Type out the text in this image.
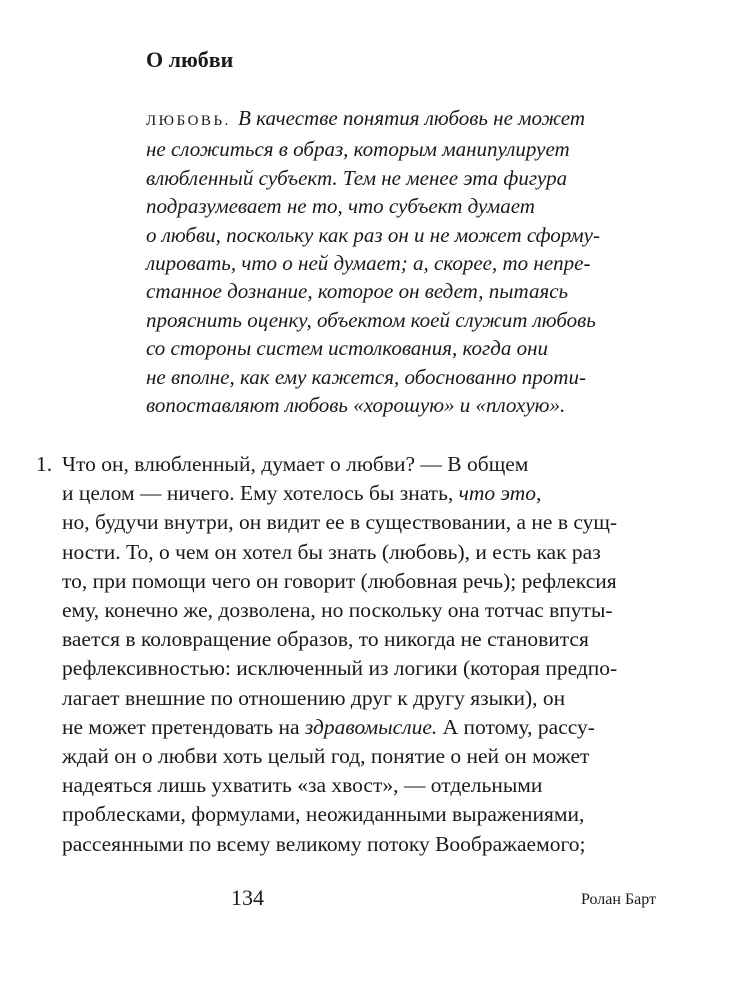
О любви
ЛЮБОВЬ. В качестве понятия любовь не может
не сложиться в образ, которым манипулирует
влюбленный субъект. Тем не менее эта фигура
подразумевает не то, что субъект думает
о любви, поскольку как раз он и не может сформу-
лировать, что о ней думает; а, скорее, то непре-
станное дознание, которое он ведет, пытаясь
прояснить оценку, объектом коей служит любовь
со стороны систем истолкования, когда они
не вполне, как ему кажется, обоснованно проти-
вопоставляют любовь «хорошую» и «плохую».
1. Что он, влюбленный, думает о любви? — В общем
и целом — ничего. Ему хотелось бы знать, что это,
но, будучи внутри, он видит ее в существовании, а не в сущ-
ности. То, о чем он хотел бы знать (любовь), и есть как раз
то, при помощи чего он говорит (любовная речь); рефлексия
ему, конечно же, дозволена, но поскольку она тотчас впуты-
вается в коловращение образов, то никогда не становится
рефлексивностью: исключенный из логики (которая предпо-
лагает внешние по отношению друг к другу языки), он
не может претендовать на здравомыслие. А потому, рассу-
ждай он о любви хоть целый год, понятие о ней он может
надеяться лишь ухватить «за хвост», — отдельными
проблесками, формулами, неожиданными выражениями,
рассеянными по всему великому потоку Воображаемого;
134	Ролан Барт
